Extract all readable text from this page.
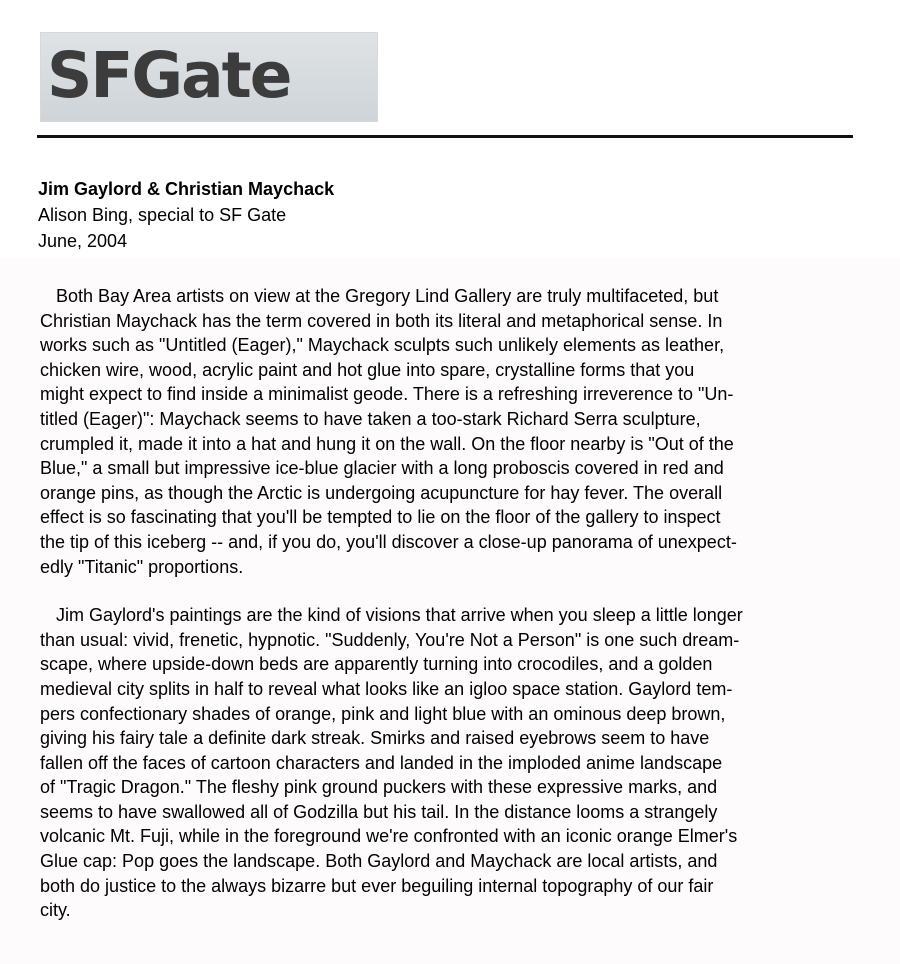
SFGate
Jim Gaylord & Christian Maychack
Alison Bing, special to SF Gate
June, 2004

Both Bay Area artists on view at the Gregory Lind Gallery are truly multifaceted, but
Christian Maychack has the term covered in both its literal and metaphorical sense. In
works such as "Untitled (Eager)," Maychack sculpts such unlikely elements as leather,
chicken wire, wood, acrylic paint and hot glue into spare, crystalline forms that you
might expect to find inside a minimalist geode. There is a refreshing irreverence to "Un-
titled (Eager)": Maychack seems to have taken a too-stark Richard Serra sculpture,
crumpled it, made it into a hat and hung it on the wall. On the floor nearby is "Out of the
Blue," a small but impressive ice-blue glacier with a long proboscis covered in red and
orange pins, as though the Arctic is undergoing acupuncture for hay fever. The overall
effect is so fascinating that you'll be tempted to lie on the floor of the gallery to inspect
the tip of this iceberg -- and, if you do, you'll discover a close-up panorama of unexpect-
edly "Titanic" proportions.

Jim Gaylord's paintings are the kind of visions that arrive when you sleep a little longer
than usual: vivid, frenetic, hypnotic. "Suddenly, You're Not a Person" is one such dream-
scape, where upside-down beds are apparently turning into crocodiles, and a golden
medieval city splits in half to reveal what looks like an igloo space station. Gaylord tem-
pers confectionary shades of orange, pink and light blue with an ominous deep brown,
giving his fairy tale a definite dark streak. Smirks and raised eyebrows seem to have
fallen off the faces of cartoon characters and landed in the imploded anime landscape
of "Tragic Dragon." The fleshy pink ground puckers with these expressive marks, and
seems to have swallowed all of Godzilla but his tail. In the distance looms a strangely
volcanic Mt. Fuji, while in the foreground we're confronted with an iconic orange Elmer's
Glue cap: Pop goes the landscape. Both Gaylord and Maychack are local artists, and
both do justice to the always bizarre but ever beguiling internal topography of our fair
city.
